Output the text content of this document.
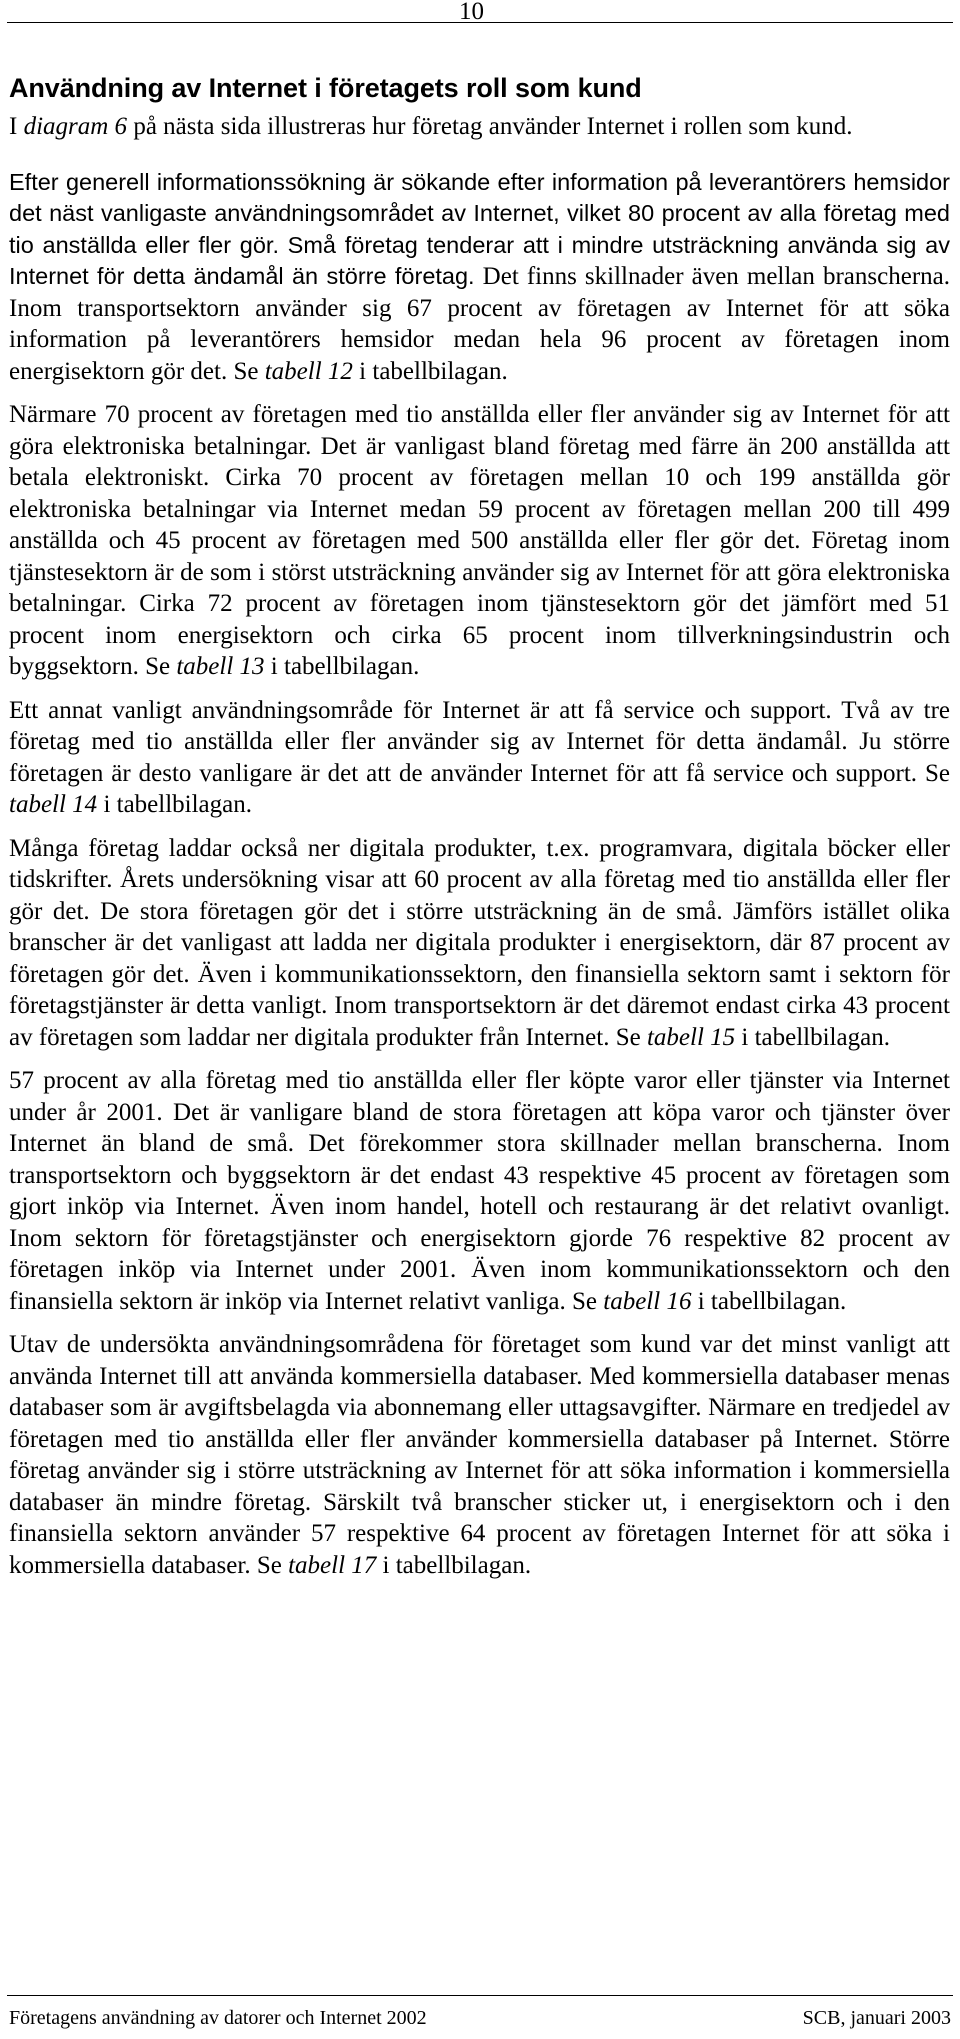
10
Användning av Internet i företagets roll som kund

I diagram 6 på nästa sida illustreras hur företag använder Internet i rollen som kund.

Efter generell informationssökning är sökande efter information på leverantörers hemsidor det näst vanligaste användningsområdet av Internet, vilket 80 procent av alla företag med tio anställda eller fler gör. Små företag tenderar att i mindre utsträckning använda sig av Internet för detta ändamål än större företag. Det finns skillnader även mellan branscherna. Inom transportsektorn använder sig 67 procent av företagen av Internet för att söka information på leverantörers hemsidor medan hela 96 procent av företagen inom energisektorn gör det. Se tabell 12 i tabellbilagan.

Närmare 70 procent av företagen med tio anställda eller fler använder sig av Internet för att göra elektroniska betalningar. Det är vanligast bland företag med färre än 200 anställda att betala elektroniskt. Cirka 70 procent av företagen mellan 10 och 199 anställda gör elektroniska betalningar via Internet medan 59 procent av företagen mellan 200 till 499 anställda och 45 procent av företagen med 500 anställda eller fler gör det. Företag inom tjänstesektorn är de som i störst utsträckning använder sig av Internet för att göra elektroniska betalningar. Cirka 72 procent av företagen inom tjänstesektorn gör det jämfört med 51 procent inom energisektorn och cirka 65 procent inom tillverkningsindustrin och byggsektorn. Se tabell 13 i tabellbilagan.

Ett annat vanligt användningsområde för Internet är att få service och support. Två av tre företag med tio anställda eller fler använder sig av Internet för detta ändamål. Ju större företagen är desto vanligare är det att de använder Internet för att få service och support. Se tabell 14 i tabellbilagan.

Många företag laddar också ner digitala produkter, t.ex. programvara, digitala böcker eller tidskrifter. Årets undersökning visar att 60 procent av alla företag med tio anställda eller fler gör det. De stora företagen gör det i större utsträckning än de små. Jämförs istället olika branscher är det vanligast att ladda ner digitala produkter i energisektorn, där 87 procent av företagen gör det. Även i kommunikationssektorn, den finansiella sektorn samt i sektorn för företagstjänster är detta vanligt. Inom transportsektorn är det däremot endast cirka 43 procent av företagen som laddar ner digitala produkter från Internet. Se tabell 15 i tabellbilagan.

57 procent av alla företag med tio anställda eller fler köpte varor eller tjänster via Internet under år 2001. Det är vanligare bland de stora företagen att köpa varor och tjänster över Internet än bland de små. Det förekommer stora skillnader mellan branscherna. Inom transportsektorn och byggsektorn är det endast 43 respektive 45 procent av företagen som gjort inköp via Internet. Även inom handel, hotell och restaurang är det relativt ovanligt. Inom sektorn för företagstjänster och energisektorn gjorde 76 respektive 82 procent av företagen inköp via Internet under 2001. Även inom kommunikationssektorn och den finansiella sektorn är inköp via Internet relativt vanliga. Se tabell 16 i tabellbilagan.

Utav de undersökta användningsområdena för företaget som kund var det minst vanligt att använda Internet till att använda kommersiella databaser. Med kommersiella databaser menas databaser som är avgiftsbelagda via abonnemang eller uttagsavgifter. Närmare en tredjedel av företagen med tio anställda eller fler använder kommersiella databaser på Internet. Större företag använder sig i större utsträckning av Internet för att söka information i kommersiella databaser än mindre företag. Särskilt två branscher sticker ut, i energisektorn och i den finansiella sektorn använder 57 respektive 64 procent av företagen Internet för att söka i kommersiella databaser. Se tabell 17 i tabellbilagan.

Företagens användning av datorer och Internet 2002	SCB, januari 2003
